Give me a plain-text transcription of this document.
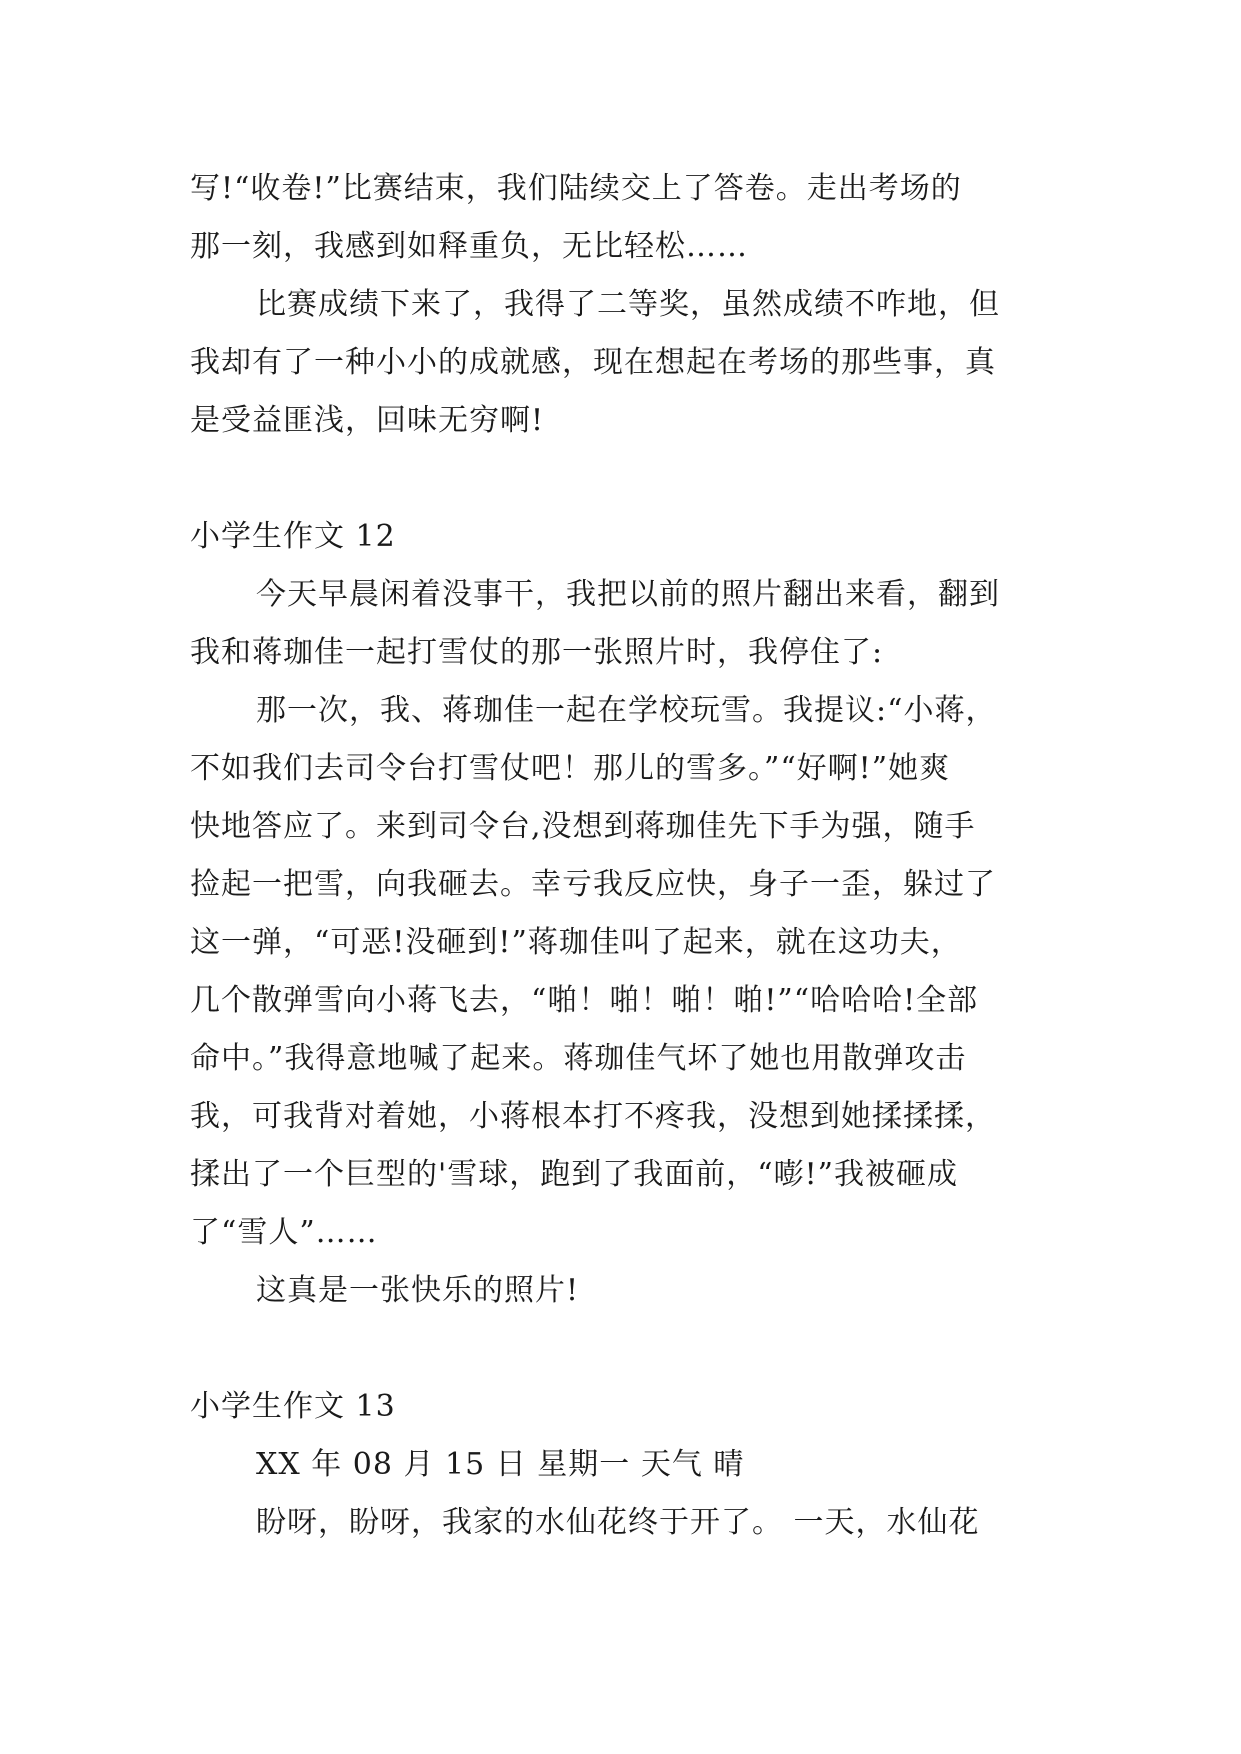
写!“收卷!”比赛结束，我们陆续交上了答卷。走出考场的
那一刻，我感到如释重负，无比轻松……
比赛成绩下来了，我得了二等奖，虽然成绩不咋地，但
我却有了一种小小的成就感，现在想起在考场的那些事，真
是受益匪浅，回味无穷啊!
小学生作文 12
今天早晨闲着没事干，我把以前的照片翻出来看，翻到
我和蒋珈佳一起打雪仗的那一张照片时，我停住了:
那一次，我、蒋珈佳一起在学校玩雪。我提议:“小蒋，
不如我们去司令台打雪仗吧！那儿的雪多。”“好啊!”她爽
快地答应了。来到司令台,没想到蒋珈佳先下手为强，随手
捡起一把雪，向我砸去。幸亏我反应快，身子一歪，躲过了
这一弹，“可恶!没砸到!”蒋珈佳叫了起来，就在这功夫，
几个散弹雪向小蒋飞去，“啪！啪！啪！啪!”“哈哈哈!全部
命中。”我得意地喊了起来。蒋珈佳气坏了她也用散弹攻击
我，可我背对着她，小蒋根本打不疼我，没想到她揉揉揉，
揉出了一个巨型的'雪球，跑到了我面前，“嘭!”我被砸成
了“雪人”……
这真是一张快乐的照片!
小学生作文 13
XX 年 08 月 15 日 星期一 天气 晴
盼呀，盼呀，我家的水仙花终于开了。 一天，水仙花
